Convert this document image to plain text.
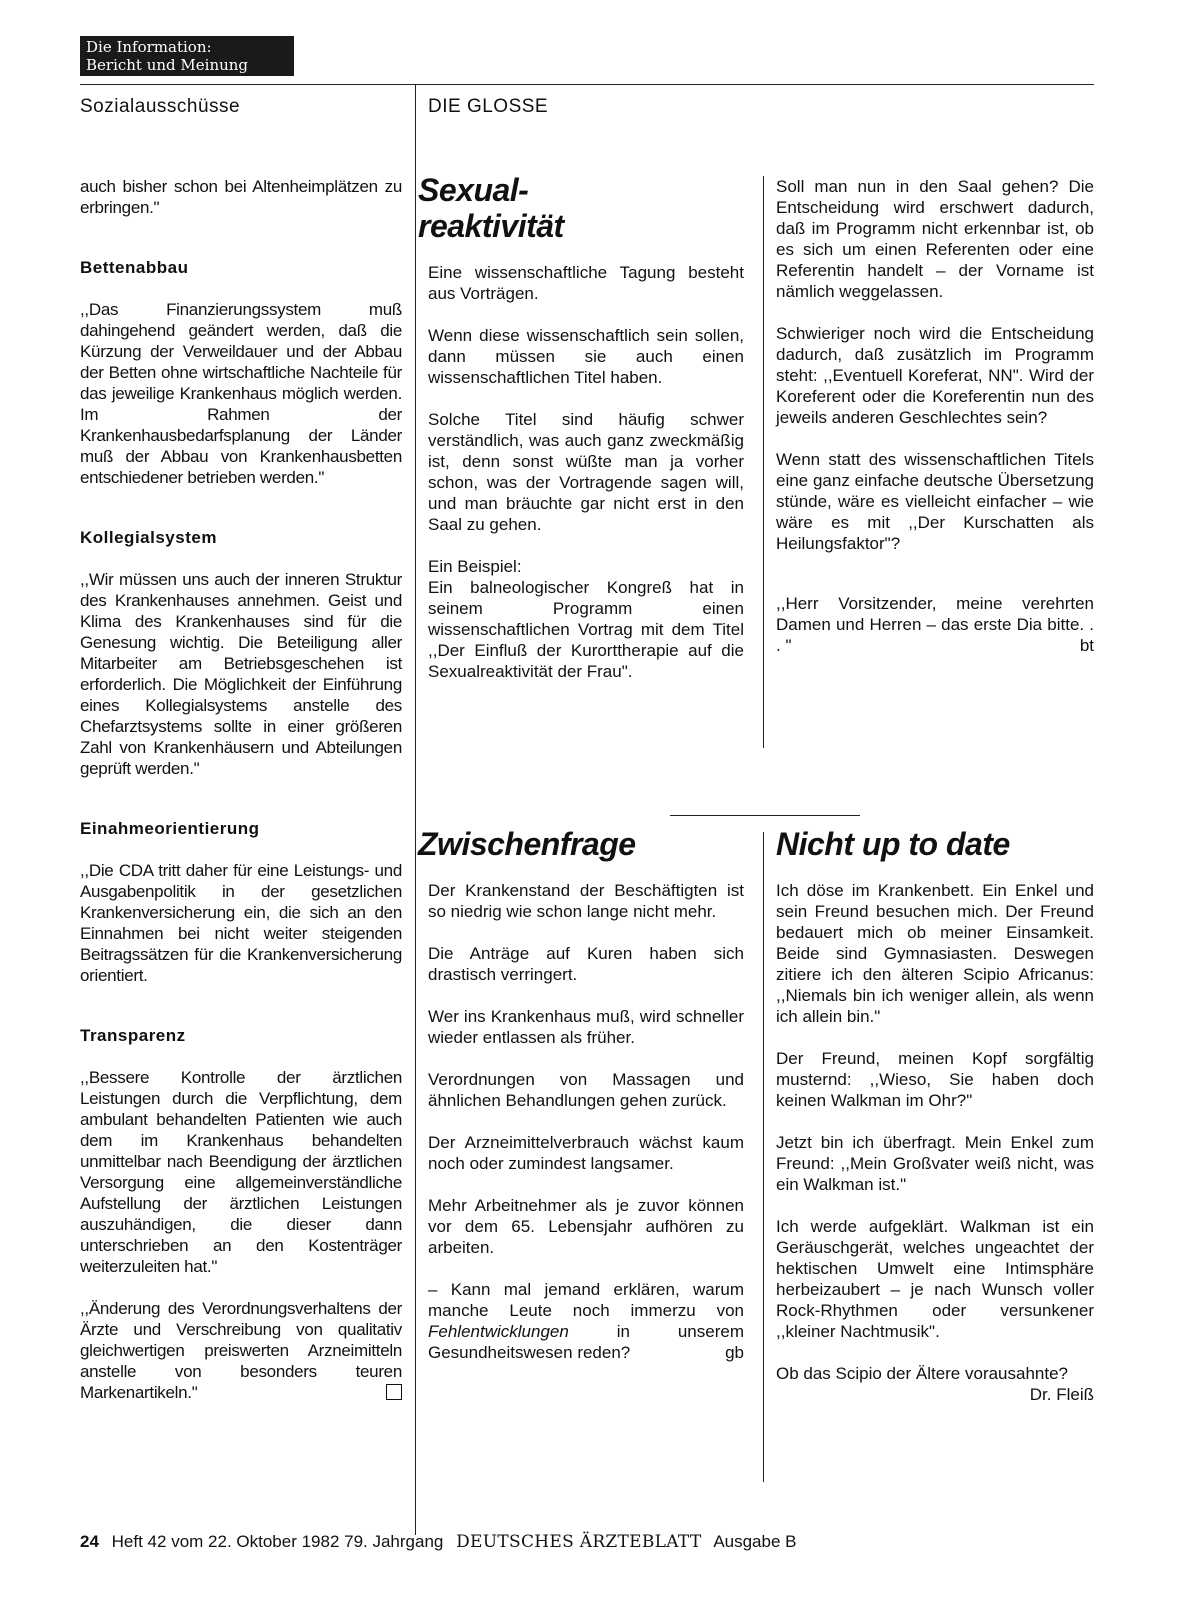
Die Information:
Bericht und Meinung
Sozialausschüsse	DIE GLOSSE

auch bisher schon bei Altenheimplätzen zu erbringen."

Bettenabbau

,,Das Finanzierungssystem muß dahingehend geändert werden, daß die Kürzung der Verweildauer und der Abbau der Betten ohne wirtschaftliche Nachteile für das jeweilige Krankenhaus möglich werden. Im Rahmen der Krankenhausbedarfsplanung der Länder muß der Abbau von Krankenhausbetten entschiedener betrieben werden."

Kollegialsystem

,,Wir müssen uns auch der inneren Struktur des Krankenhauses annehmen. Geist und Klima des Krankenhauses sind für die Genesung wichtig. Die Beteiligung aller Mitarbeiter am Betriebsgeschehen ist erforderlich. Die Möglichkeit der Einführung eines Kollegialsystems anstelle des Chefarztsystems sollte in einer größeren Zahl von Krankenhäusern und Abteilungen geprüft werden."

Einahmeorientierung

,,Die CDA tritt daher für eine Leistungs- und Ausgabenpolitik in der gesetzlichen Krankenversicherung ein, die sich an den Einnahmen bei nicht weiter steigenden Beitragssätzen für die Krankenversicherung orientiert.

Transparenz

,,Bessere Kontrolle der ärztlichen Leistungen durch die Verpflichtung, dem ambulant behandelten Patienten wie auch dem im Krankenhaus behandelten unmittelbar nach Beendigung der ärztlichen Versorgung eine allgemeinverständliche Aufstellung der ärztlichen Leistungen auszuhändigen, die dieser dann unterschrieben an den Kostenträger weiterzuleiten hat."

,,Änderung des Verordnungsverhaltens der Ärzte und Verschreibung von qualitativ gleichwertigen preiswerten Arzneimitteln anstelle von besonders teuren Markenartikeln."

Sexual-
reaktivität

Eine wissenschaftliche Tagung besteht aus Vorträgen.

Wenn diese wissenschaftlich sein sollen, dann müssen sie auch einen wissenschaftlichen Titel haben.

Solche Titel sind häufig schwer verständlich, was auch ganz zweckmäßig ist, denn sonst wüßte man ja vorher schon, was der Vortragende sagen will, und man bräuchte gar nicht erst in den Saal zu gehen.

Ein Beispiel:

Ein balneologischer Kongreß hat in seinem Programm einen wissenschaftlichen Vortrag mit dem Titel ,,Der Einfluß der Kurorttherapie auf die Sexualreaktivität der Frau".

Soll man nun in den Saal gehen? Die Entscheidung wird erschwert dadurch, daß im Programm nicht erkennbar ist, ob es sich um einen Referenten oder eine Referentin handelt – der Vorname ist nämlich weggelassen.

Schwieriger noch wird die Entscheidung dadurch, daß zusätzlich im Programm steht: ,,Eventuell Koreferat, NN". Wird der Koreferent oder die Koreferentin nun des jeweils anderen Geschlechtes sein?

Wenn statt des wissenschaftlichen Titels eine ganz einfache deutsche Übersetzung stünde, wäre es vielleicht einfacher – wie wäre es mit ,,Der Kurschatten als Heilungsfaktor"?

,,Herr Vorsitzender, meine verehrten Damen und Herren – das erste Dia bitte. . . "	bt

Zwischenfrage

Der Krankenstand der Beschäftigten ist so niedrig wie schon lange nicht mehr.

Die Anträge auf Kuren haben sich drastisch verringert.

Wer ins Krankenhaus muß, wird schneller wieder entlassen als früher.

Verordnungen von Massagen und ähnlichen Behandlungen gehen zurück.

Der Arzneimittelverbrauch wächst kaum noch oder zumindest langsamer.

Mehr Arbeitnehmer als je zuvor können vor dem 65. Lebensjahr aufhören zu arbeiten.

– Kann mal jemand erklären, warum manche Leute noch immerzu von Fehlentwicklungen in unserem Gesundheitswesen reden?	gb

Nicht up to date

Ich döse im Krankenbett. Ein Enkel und sein Freund besuchen mich. Der Freund bedauert mich ob meiner Einsamkeit. Beide sind Gymnasiasten. Deswegen zitiere ich den älteren Scipio Africanus: ,,Niemals bin ich weniger allein, als wenn ich allein bin."

Der Freund, meinen Kopf sorgfältig musternd: ,,Wieso, Sie haben doch keinen Walkman im Ohr?"

Jetzt bin ich überfragt. Mein Enkel zum Freund: ,,Mein Großvater weiß nicht, was ein Walkman ist."

Ich werde aufgeklärt. Walkman ist ein Geräuschgerät, welches ungeachtet der hektischen Umwelt eine Intimsphäre herbeizaubert – je nach Wunsch voller Rock-Rhythmen oder versunkener ,,kleiner Nachtmusik".

Ob das Scipio der Ältere vorausahnte?
Dr. Fleiß

24 Heft 42 vom 22. Oktober 1982 79. Jahrgang DEUTSCHES ÄRZTEBLATT Ausgabe B
